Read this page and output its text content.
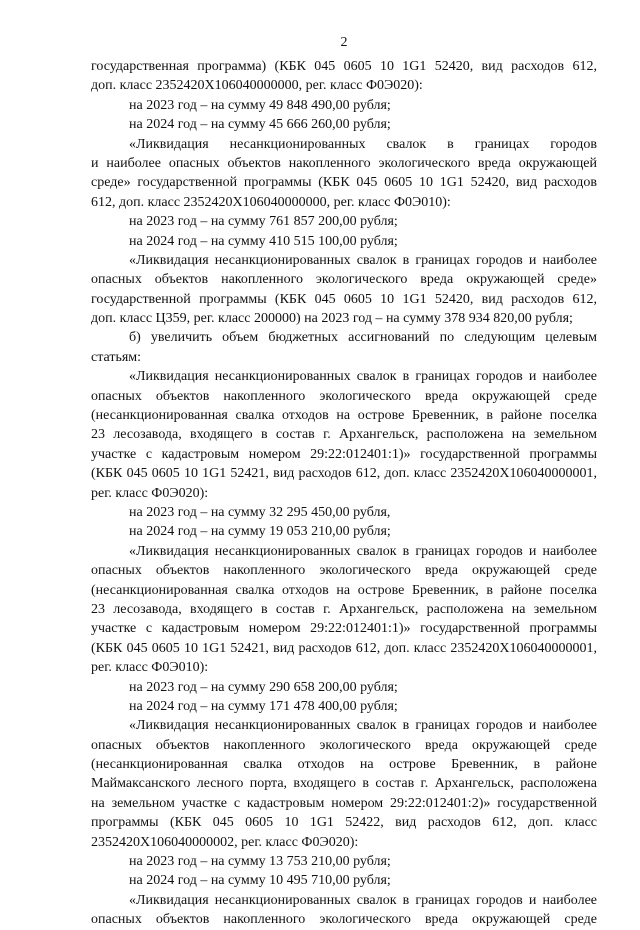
2
государственная программа) (КБК 045 0605 10 1G1 52420, вид расходов 612,
доп. класс 2352420Х106040000000, рег. класс Ф0Э020):
на 2023 год – на сумму 49 848 490,00 рубля;
на 2024 год – на сумму 45 666 260,00 рубля;
«Ликвидация несанкционированных свалок в границах городов
и наиболее опасных объектов накопленного экологического вреда окружающей
среде» государственной программы (КБК 045 0605 10 1G1 52420, вид расходов
612, доп. класс 2352420Х106040000000, рег. класс Ф0Э010):
на 2023 год – на сумму 761 857 200,00 рубля;
на 2024 год – на сумму 410 515 100,00 рубля;
«Ликвидация несанкционированных свалок в границах городов и наиболее
опасных объектов накопленного экологического вреда окружающей среде»
государственной программы (КБК 045 0605 10 1G1 52420, вид расходов 612,
доп. класс Ц359, рег. класс 200000) на 2023 год – на сумму 378 934 820,00 рубля;
б) увеличить объем бюджетных ассигнований по следующим целевым
статьям:
«Ликвидация несанкционированных свалок в границах городов и наиболее
опасных объектов накопленного экологического вреда окружающей среде
(несанкционированная свалка отходов на острове Бревенник, в районе поселка
23 лесозавода, входящего в состав г. Архангельск, расположена на земельном
участке с кадастровым номером 29:22:012401:1)» государственной программы
(КБК 045 0605 10 1G1 52421, вид расходов 612, доп. класс 2352420Х106040000001,
рег. класс Ф0Э020):
на 2023 год – на сумму 32 295 450,00 рубля,
на 2024 год – на сумму 19 053 210,00 рубля;
«Ликвидация несанкционированных свалок в границах городов и наиболее
опасных объектов накопленного экологического вреда окружающей среде
(несанкционированная свалка отходов на острове Бревенник, в районе поселка
23 лесозавода, входящего в состав г. Архангельск, расположена на земельном
участке с кадастровым номером 29:22:012401:1)» государственной программы
(КБК 045 0605 10 1G1 52421, вид расходов 612, доп. класс 2352420Х106040000001,
рег. класс Ф0Э010):
на 2023 год – на сумму 290 658 200,00 рубля;
на 2024 год – на сумму 171 478 400,00 рубля;
«Ликвидация несанкционированных свалок в границах городов и наиболее
опасных объектов накопленного экологического вреда окружающей среде
(несанкционированная свалка отходов на острове Бревенник, в районе
Маймаксанского лесного порта, входящего в состав г. Архангельск, расположена
на земельном участке с кадастровым номером 29:22:012401:2)» государственной
программы (КБК 045 0605 10 1G1 52422, вид расходов 612, доп. класс
2352420Х106040000002, рег. класс Ф0Э020):
на 2023 год – на сумму 13 753 210,00 рубля;
на 2024 год – на сумму 10 495 710,00 рубля;
«Ликвидация несанкционированных свалок в границах городов и наиболее
опасных объектов накопленного экологического вреда окружающей среде
